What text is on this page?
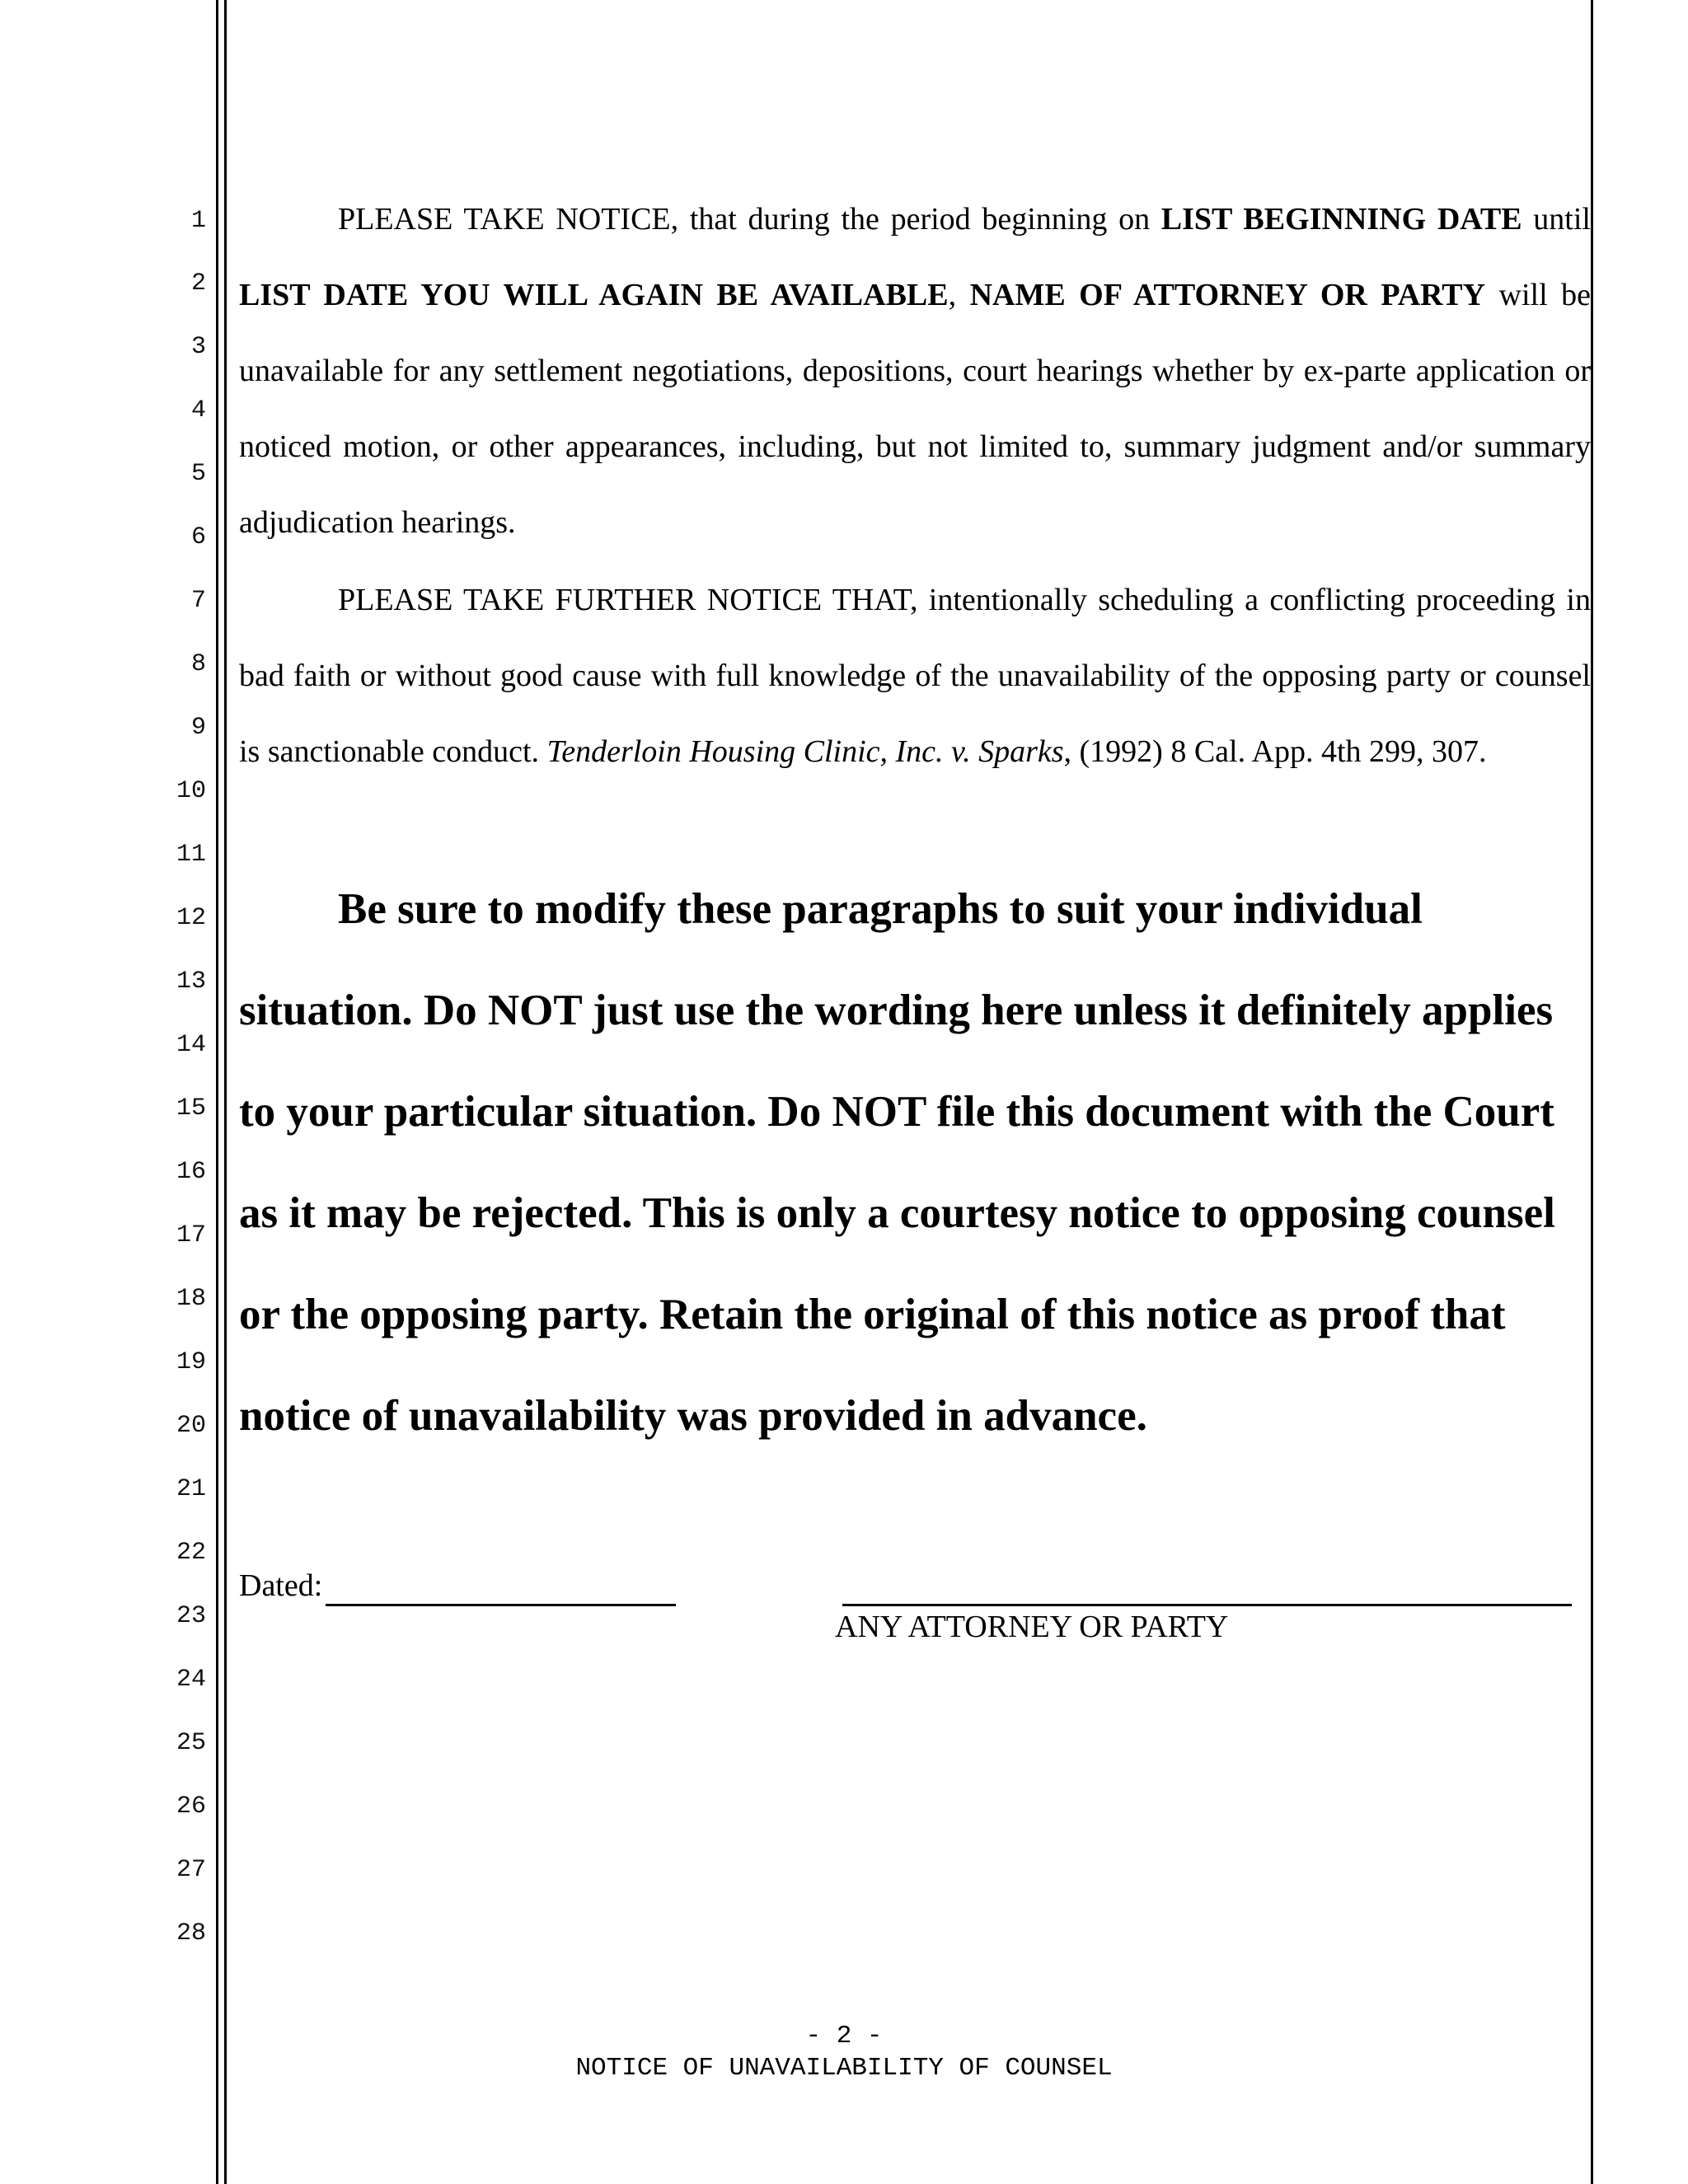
1
2
3
4
5
6
7
8
9
10
11
12
13
14
15
16
17
18
19
20
21
22
23
24
25
26
27
28

PLEASE TAKE NOTICE, that during the period beginning on LIST BEGINNING DATE until LIST DATE YOU WILL AGAIN BE AVAILABLE, NAME OF ATTORNEY OR PARTY will be unavailable for any settlement negotiations, depositions, court hearings whether by ex-parte application or noticed motion, or other appearances, including, but not limited to, summary judgment and/or summary adjudication hearings.

PLEASE TAKE FURTHER NOTICE THAT, intentionally scheduling a conflicting proceeding in bad faith or without good cause with full knowledge of the unavailability of the opposing party or counsel is sanctionable conduct. Tenderloin Housing Clinic, Inc. v. Sparks, (1992) 8 Cal. App. 4th 299, 307.

Be sure to modify these paragraphs to suit your individual situation. Do NOT just use the wording here unless it definitely applies to your particular situation. Do NOT file this document with the Court as it may be rejected. This is only a courtesy notice to opposing counsel or the opposing party. Retain the original of this notice as proof that notice of unavailability was provided in advance.

Dated:
ANY ATTORNEY OR PARTY
- 2 -
NOTICE OF UNAVAILABILITY OF COUNSEL
